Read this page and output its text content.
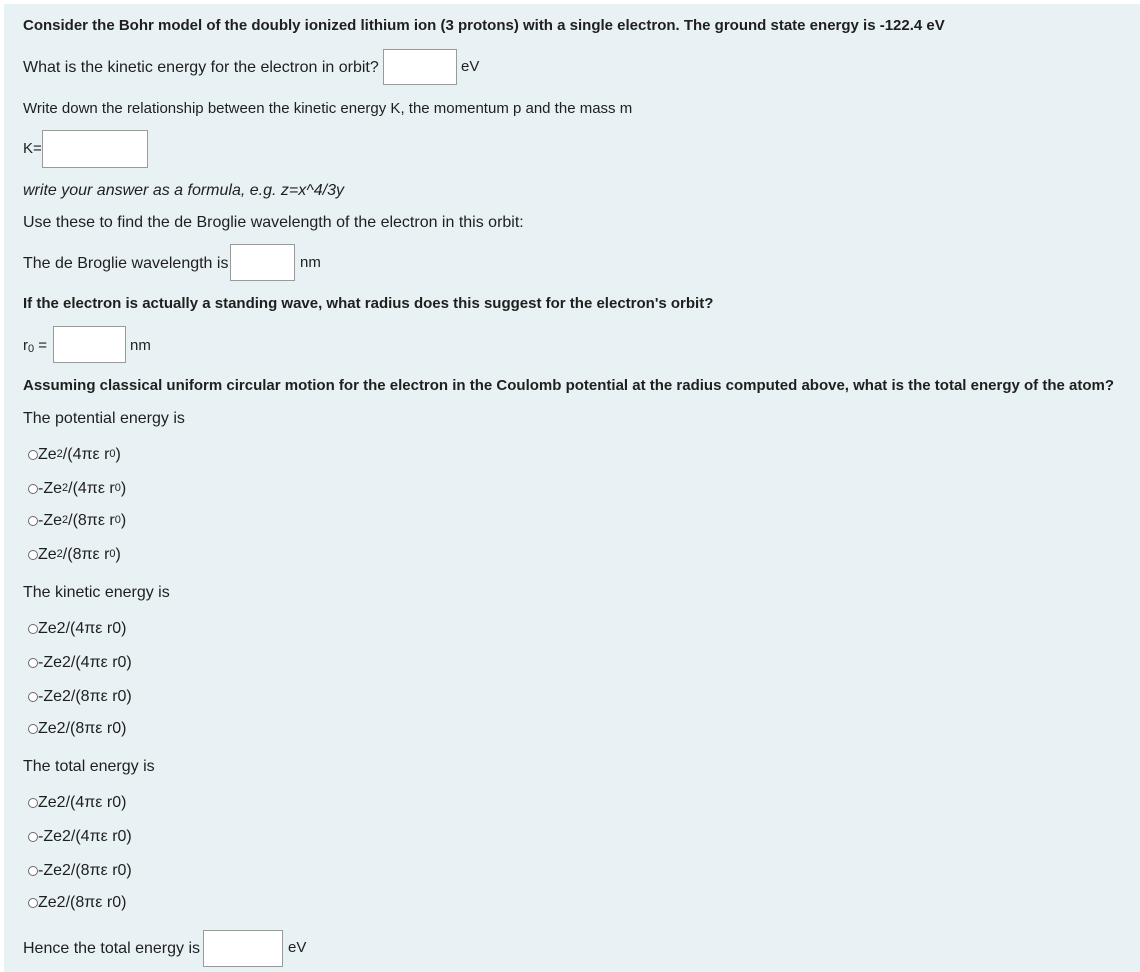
Consider the Bohr model of the doubly ionized lithium ion (3 protons) with a single electron. The ground state energy is -122.4 eV
What is the kinetic energy for the electron in orbit?	eV
Write down the relationship between the kinetic energy K, the momentum p and the mass m
K=
write your answer as a formula, e.g. z=x^4/3y
Use these to find the de Broglie wavelength of the electron in this orbit:
The de Broglie wavelength is	nm
If the electron is actually a standing wave, what radius does this suggest for the electron's orbit?
r0 =	nm
Assuming classical uniform circular motion for the electron in the Coulomb potential at the radius computed above, what is the total energy of the atom?
The potential energy is
Ze 2 /(4πε r 0 )
-Ze 2 /(4πε r 0 )
-Ze 2 /(8πε r 0 )
Ze 2 /(8πε r 0 )
The kinetic energy is
Ze2/(4πε r0)
-Ze2/(4πε r0)
-Ze2/(8πε r0)
Ze2/(8πε r0)
The total energy is
Ze2/(4πε r0)
-Ze2/(4πε r0)
-Ze2/(8πε r0)
Ze2/(8πε r0)
Hence the total energy is	eV
